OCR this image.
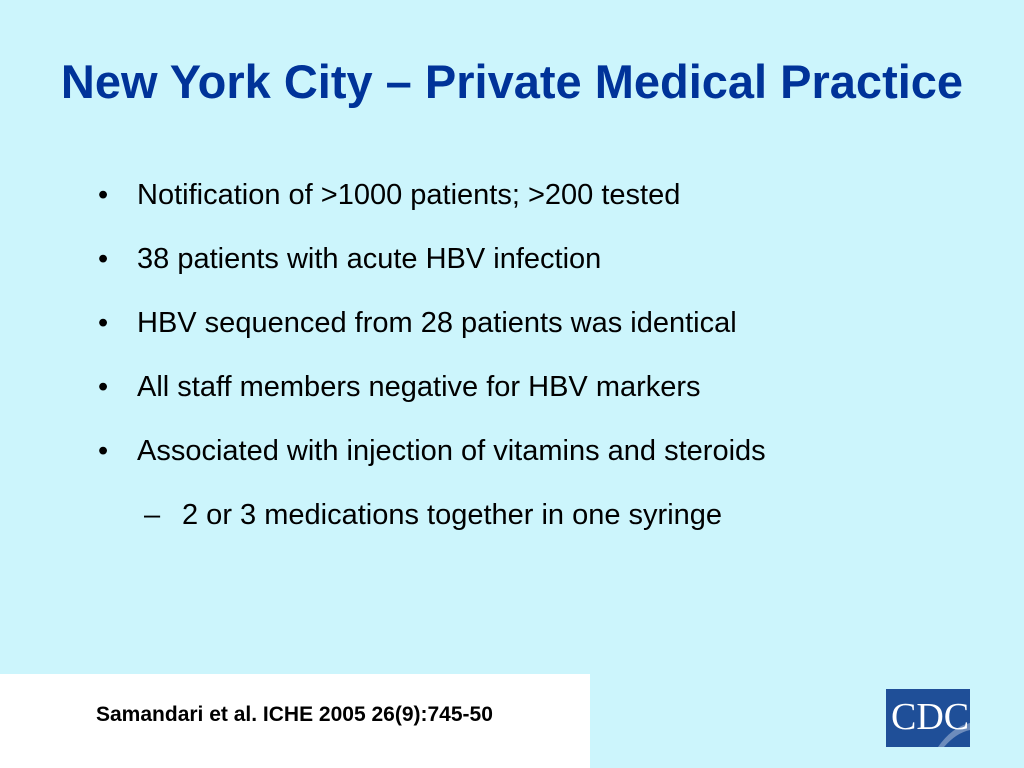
New York City – Private Medical Practice
• Notification of >1000 patients; >200 tested
• 38 patients with acute HBV infection
• HBV sequenced from 28 patients was identical
• All staff members negative for HBV markers
• Associated with injection of vitamins and steroids
– 2 or 3 medications together in one syringe
Samandari et al. ICHE 2005 26(9):745-50	CDC
